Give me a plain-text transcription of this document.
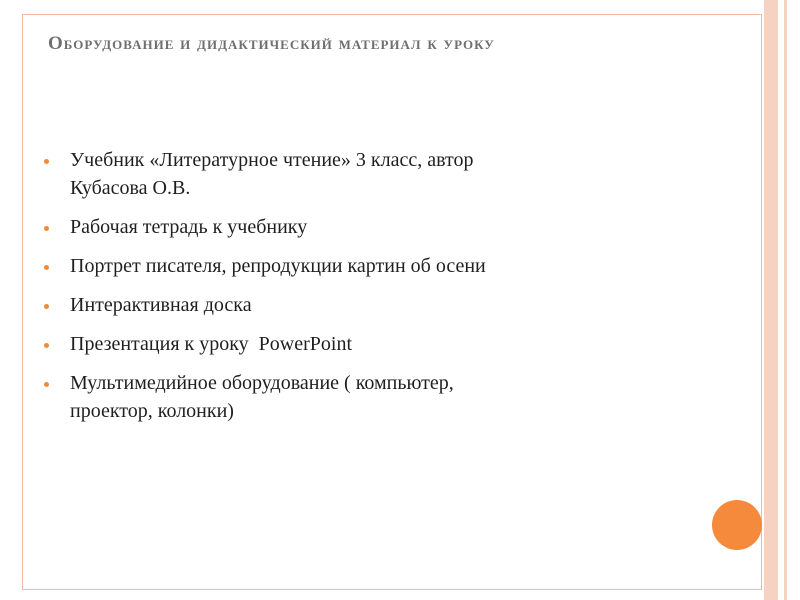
Оборудование и дидактический материал к уроку
Учебник «Литературное чтение» 3 класс, автор
Кубасова О.В.
Рабочая тетрадь к учебнику
Портрет писателя, репродукции картин об осени
Интерактивная доска
Презентация к уроку  PowerPoint
Мультимедийное оборудование ( компьютер,
проектор, колонки)
